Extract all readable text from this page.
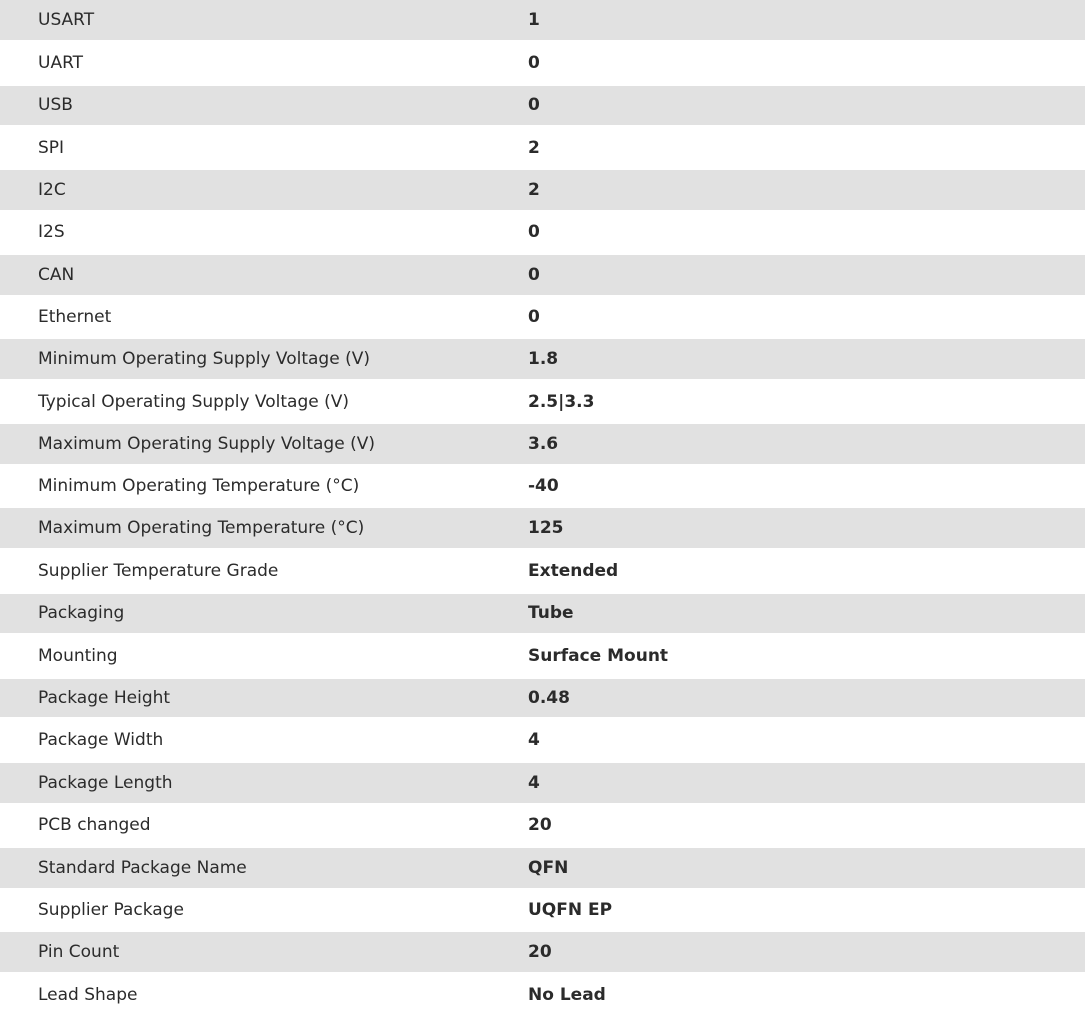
USART	1
UART	0
USB	0
SPI	2
I2C	2
I2S	0
CAN	0
Ethernet	0
Minimum Operating Supply Voltage (V)	1.8
Typical Operating Supply Voltage (V)	2.5|3.3
Maximum Operating Supply Voltage (V)	3.6
Minimum Operating Temperature (°C)	-40
Maximum Operating Temperature (°C)	125
Supplier Temperature Grade	Extended
Packaging	Tube
Mounting	Surface Mount
Package Height	0.48
Package Width	4
Package Length	4
PCB changed	20
Standard Package Name	QFN
Supplier Package	UQFN EP
Pin Count	20
Lead Shape	No Lead
